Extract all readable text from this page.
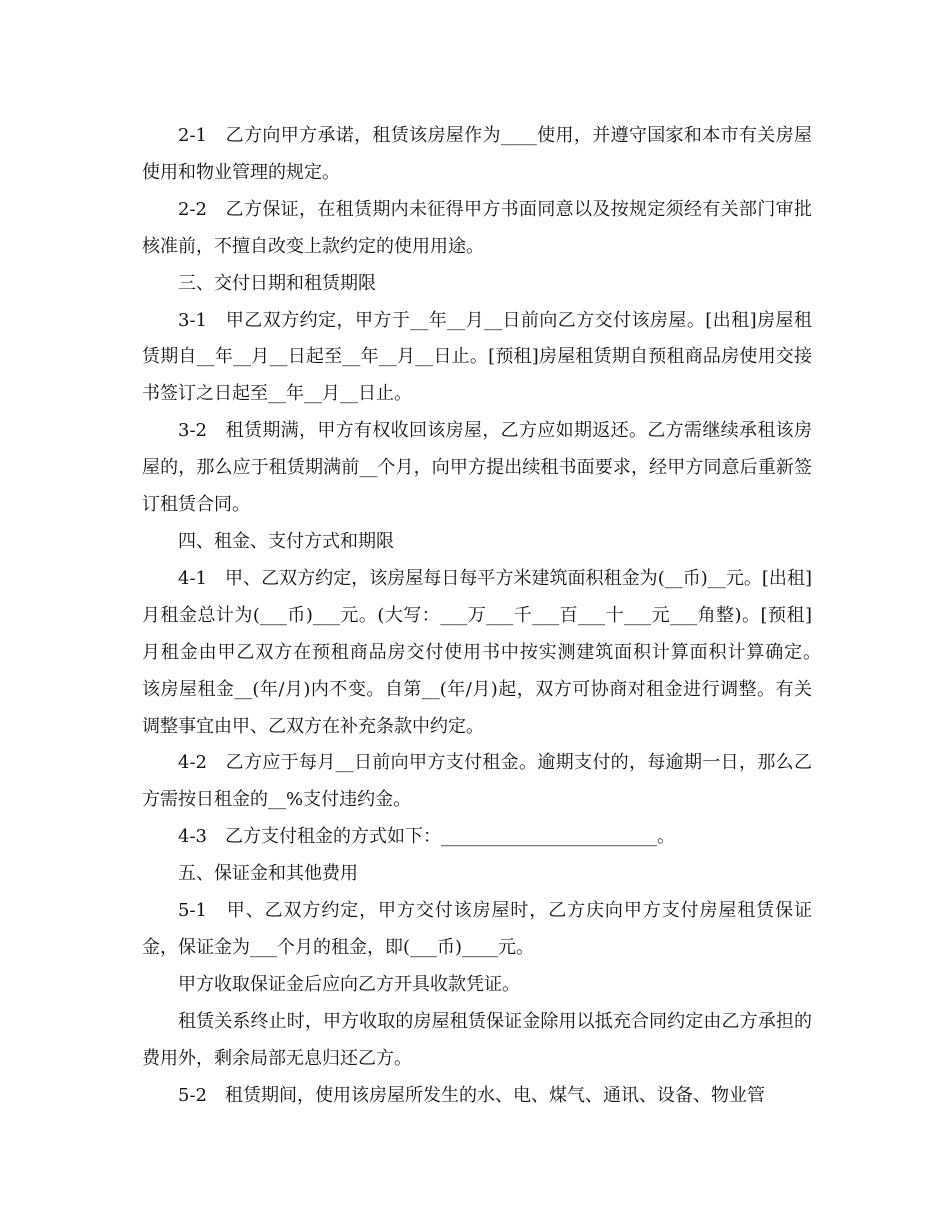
2-1　乙方向甲方承诺，租赁该房屋作为____使用，并遵守国家和本市有关房屋使用和物业管理的规定。

2-2　乙方保证，在租赁期内未征得甲方书面同意以及按规定须经有关部门审批核准前，不擅自改变上款约定的使用用途。

三、交付日期和租赁期限

3-1　甲乙双方约定，甲方于__年__月__日前向乙方交付该房屋。[出租]房屋租赁期自__年__月__日起至__年__月__日止。[预租]房屋租赁期自预租商品房使用交接书签订之日起至__年__月__日止。

3-2　租赁期满，甲方有权收回该房屋，乙方应如期返还。乙方需继续承租该房屋的，那么应于租赁期满前__个月，向甲方提出续租书面要求，经甲方同意后重新签订租赁合同。

四、租金、支付方式和期限

4-1　甲、乙双方约定，该房屋每日每平方米建筑面积租金为(__币)__元。[出租]月租金总计为(___币)___元。(大写：___万___千___百___十___元___角整)。[预租]月租金由甲乙双方在预租商品房交付使用书中按实测建筑面积计算面积计算确定。　　　该房屋租金__(年/月)内不变。自第__(年/月)起，双方可协商对租金进行调整。有关调整事宜由甲、乙双方在补充条款中约定。

4-2　乙方应于每月__日前向甲方支付租金。逾期支付的，每逾期一日，那么乙方需按日租金的__%支付违约金。

4-3　乙方支付租金的方式如下：________________________。

五、保证金和其他费用

5-1　甲、乙双方约定，甲方交付该房屋时，乙方庆向甲方支付房屋租赁保证金，保证金为___个月的租金，即(___币)____元。

甲方收取保证金后应向乙方开具收款凭证。

租赁关系终止时，甲方收取的房屋租赁保证金除用以抵充合同约定由乙方承担的费用外，剩余局部无息归还乙方。

5-2　租赁期间，使用该房屋所发生的水、电、煤气、通讯、设备、物业管
